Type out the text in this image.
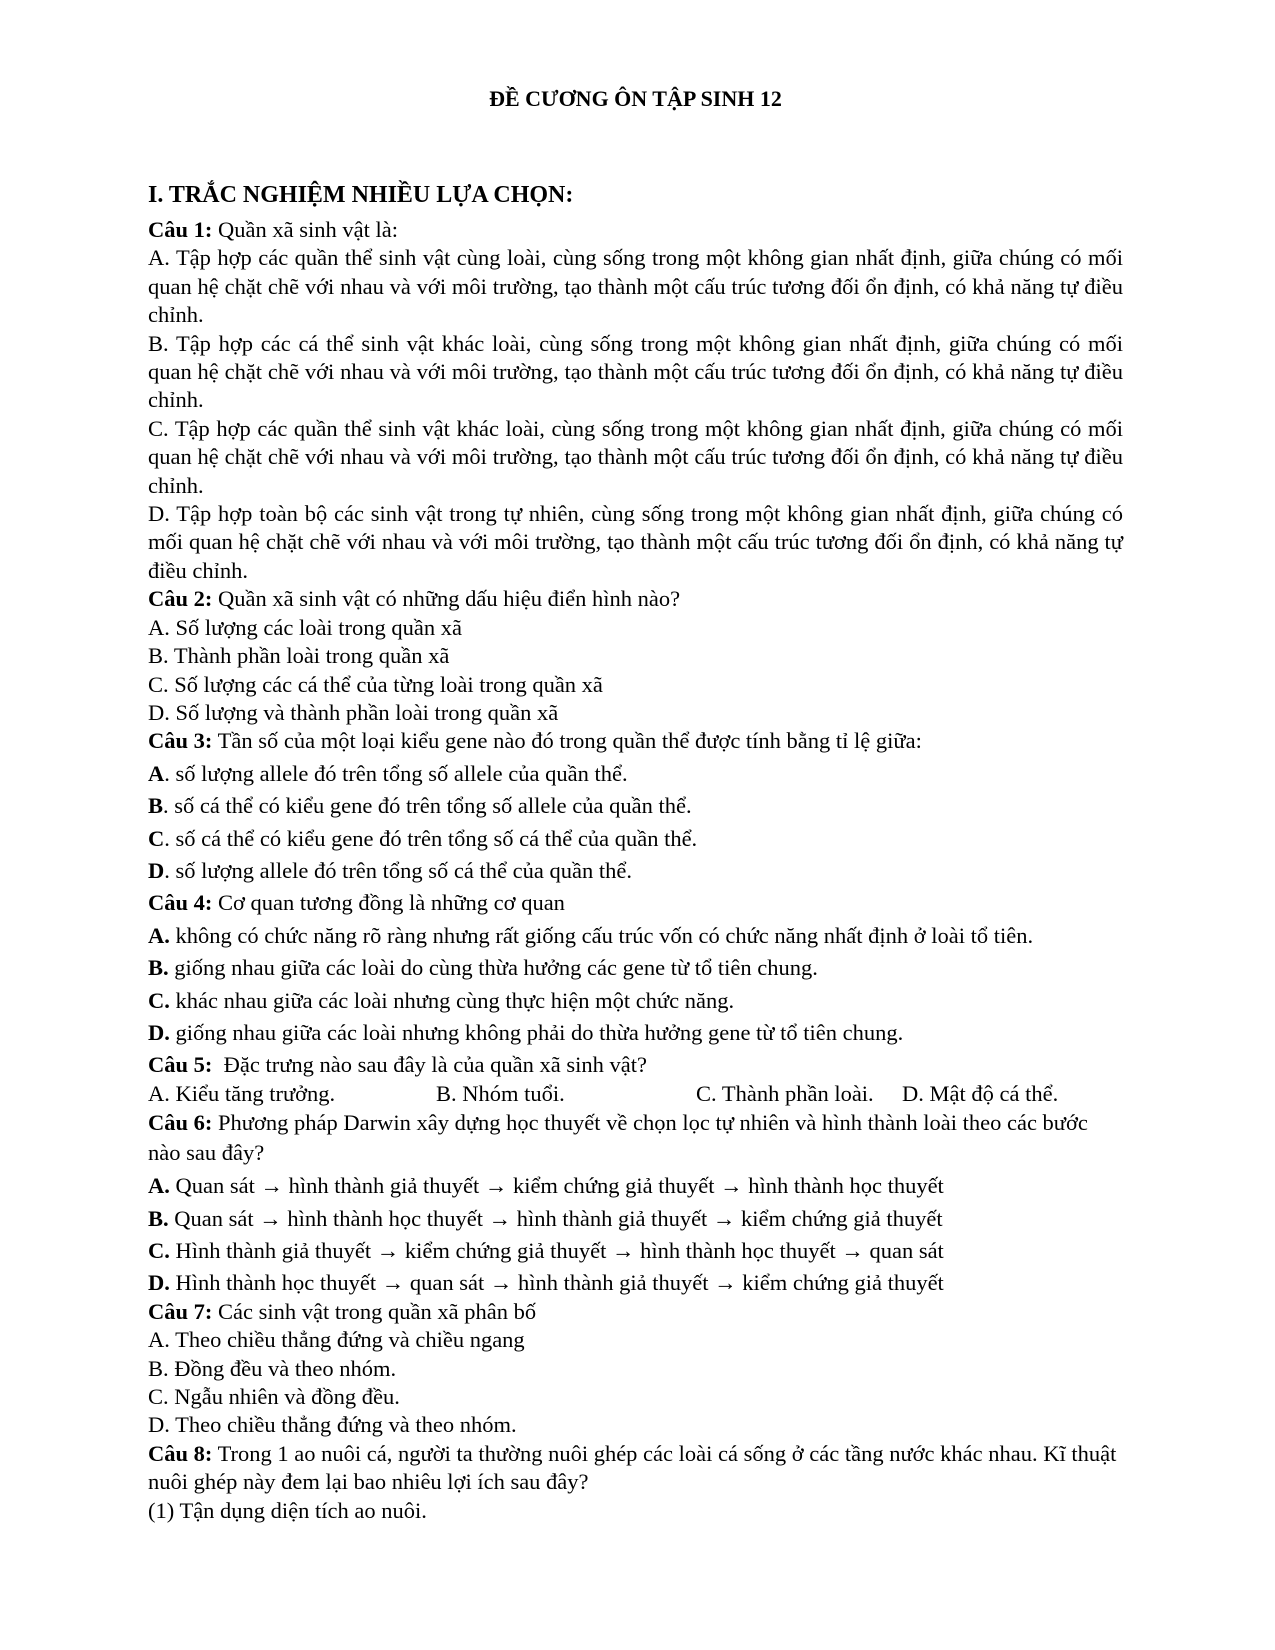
ĐỀ CƯƠNG ÔN TẬP SINH 12
I. TRẮC NGHIỆM NHIỀU LỰA CHỌN:

Câu 1: Quần xã sinh vật là:

A. Tập hợp các quần thể sinh vật cùng loài, cùng sống trong một không gian nhất định, giữa chúng có mối quan hệ chặt chẽ với nhau và với môi trường, tạo thành một cấu trúc tương đối ổn định, có khả năng tự điều chỉnh.

B. Tập hợp các cá thể sinh vật khác loài, cùng sống trong một không gian nhất định, giữa chúng có mối quan hệ chặt chẽ với nhau và với môi trường, tạo thành một cấu trúc tương đối ổn định, có khả năng tự điều chỉnh.

C. Tập hợp các quần thể sinh vật khác loài, cùng sống trong một không gian nhất định, giữa chúng có mối quan hệ chặt chẽ với nhau và với môi trường, tạo thành một cấu trúc tương đối ổn định, có khả năng tự điều chỉnh.

D. Tập hợp toàn bộ các sinh vật trong tự nhiên, cùng sống trong một không gian nhất định, giữa chúng có mối quan hệ chặt chẽ với nhau và với môi trường, tạo thành một cấu trúc tương đối ổn định, có khả năng tự điều chỉnh.

Câu 2: Quần xã sinh vật có những dấu hiệu điển hình nào?

A. Số lượng các loài trong quần xã

B. Thành phần loài trong quần xã

C. Số lượng các cá thể của từng loài trong quần xã

D. Số lượng và thành phần loài trong quần xã

Câu 3: Tần số của một loại kiểu gene nào đó trong quần thể được tính bằng tỉ lệ giữa:

A. số lượng allele đó trên tổng số allele của quần thể.

B. số cá thể có kiểu gene đó trên tổng số allele của quần thể.

C. số cá thể có kiểu gene đó trên tổng số cá thể của quần thể.

D. số lượng allele đó trên tổng số cá thể của quần thể.

Câu 4: Cơ quan tương đồng là những cơ quan

A. không có chức năng rõ ràng nhưng rất giống cấu trúc vốn có chức năng nhất định ở loài tổ tiên.

B. giống nhau giữa các loài do cùng thừa hưởng các gene từ tổ tiên chung.

C. khác nhau giữa các loài nhưng cùng thực hiện một chức năng.

D. giống nhau giữa các loài nhưng không phải do thừa hưởng gene từ tổ tiên chung.

Câu 5:  Đặc trưng nào sau đây là của quần xã sinh vật?

A. Kiểu tăng trưởng.	B. Nhóm tuổi.	C. Thành phần loài.	D. Mật độ cá thể.

Câu 6: Phương pháp Darwin xây dựng học thuyết về chọn lọc tự nhiên và hình thành loài theo các bước nào sau đây?

A. Quan sát → hình thành giả thuyết → kiểm chứng giả thuyết → hình thành học thuyết

B. Quan sát → hình thành học thuyết → hình thành giả thuyết → kiểm chứng giả thuyết

C. Hình thành giả thuyết → kiểm chứng giả thuyết → hình thành học thuyết → quan sát

D. Hình thành học thuyết → quan sát → hình thành giả thuyết → kiểm chứng giả thuyết

Câu 7: Các sinh vật trong quần xã phân bố

A. Theo chiều thẳng đứng và chiều ngang

B. Đồng đều và theo nhóm.

C. Ngẫu nhiên và đồng đều.

D. Theo chiều thẳng đứng và theo nhóm.

Câu 8: Trong 1 ao nuôi cá, người ta thường nuôi ghép các loài cá sống ở các tầng nước khác nhau. Kĩ thuật nuôi ghép này đem lại bao nhiêu lợi ích sau đây?

(1) Tận dụng diện tích ao nuôi.
